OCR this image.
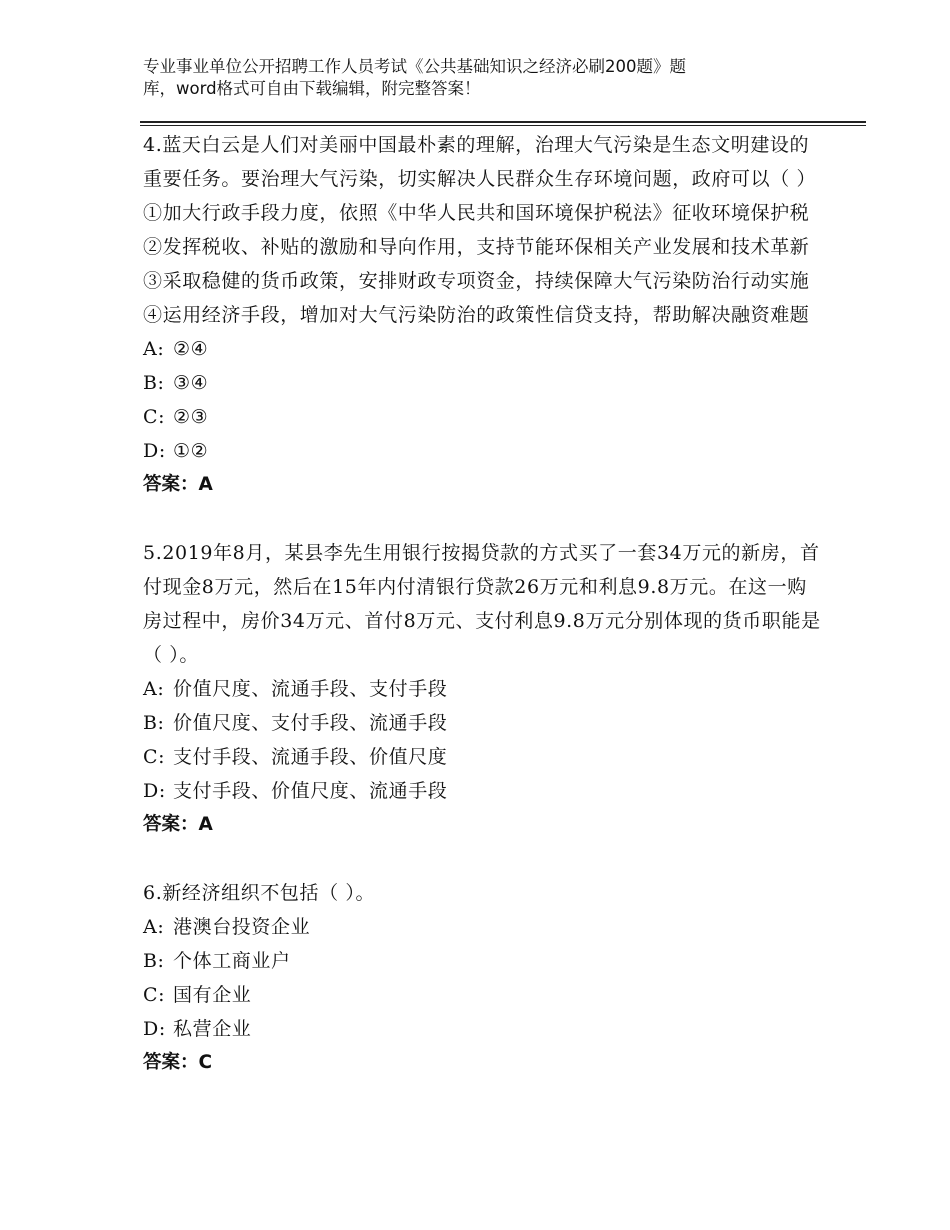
专业事业单位公开招聘工作人员考试《公共基础知识之经济必刷200题》题
库，word格式可自由下载编辑，附完整答案！

4.蓝天白云是人们对美丽中国最朴素的理解，治理大气污染是生态文明建设的重要任务。要治理大气污染，切实解决人民群众生存环境问题，政府可以（ ）①加大行政手段力度，依照《中华人民共和国环境保护税法》征收环境保护税②发挥税收、补贴的激励和导向作用，支持节能环保相关产业发展和技术革新③采取稳健的货币政策，安排财政专项资金，持续保障大气污染防治行动实施④运用经济手段，增加对大气污染防治的政策性信贷支持，帮助解决融资难题

A: ②④

B: ③④

C: ②③

D: ①②

答案：A

5.2019年8月，某县李先生用银行按揭贷款的方式买了一套34万元的新房，首付现金8万元，然后在15年内付清银行贷款26万元和利息9.8万元。在这一购房过程中，房价34万元、首付8万元、支付利息9.8万元分别体现的货币职能是（ ）。

A: 价值尺度、流通手段、支付手段

B: 价值尺度、支付手段、流通手段

C: 支付手段、流通手段、价值尺度

D: 支付手段、价值尺度、流通手段

答案：A

6.新经济组织不包括（ ）。

A: 港澳台投资企业

B: 个体工商业户

C: 国有企业

D: 私营企业

答案：C
